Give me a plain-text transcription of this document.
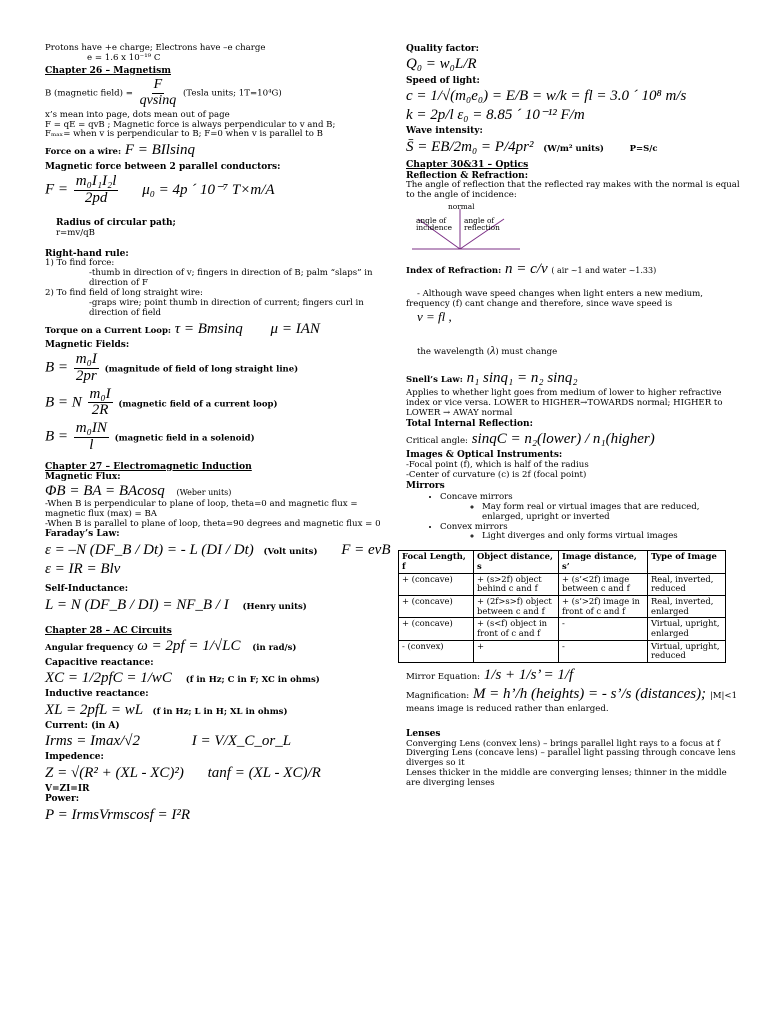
Protons have +e charge; Electrons have –e charge
e = 1.6 x 10⁻¹⁹ C
Chapter 26 – Magnetism
B (magnetic field) = $\frac{F}{qvsinq}$ (Tesla units; 1T=10⁴G)
x’s mean into page, dots mean out of page
F = qE = qvB ; Magnetic force is always perpendicular to v and B;
Fₘₐₓ= when v is perpendicular to B; F=0 when v is parallel to B
Force on a wire: F = BIlsinq
Magnetic force between 2 parallel conductors:
$F = \frac{\text{m₀I₁I₂l}}{2pd} \mu_0 = 4p$ ´ 10⁻⁷ T×m/A

Radius of circular path;
r=mv/qB

Right-hand rule:
1) To find force:
-thumb in direction of v; fingers in direction of B; palm “slaps” in direction of F
2) To find field of long straight wire:
-graps wire; point thumb in direction of current; fingers curl in direction of field
Torque on a Current Loop: τ = Bmsinq μ = IAN
Magnetic Fields:
$B = \frac{\text{m₀I}}{2pr}$ (magnitude of field of long straight line)
B = N $\frac{\text{m₀I}}{2R}$ (magnetic field of a current loop)
$B = \frac{\text{m₀IN}}{l}$ (magnetic field in a solenoid)
Chapter 27 – Electromagnetic Induction
Magnetic Flux:
ΦB = BA = BAcosq (Weber units)
-When B is perpendicular to plane of loop, theta=0 and magnetic flux = magnetic flux (max) = BA
-When B is parallel to plane of loop, theta=90 degrees and magnetic flux = 0
Faraday’s Law:
ε = –N (DF_B / Dt) = - L (DI / Dt) (Volt units) F = evB
ε = IR = Blv
Self-Inductance:
L = N (DF_B / DI) = NF_B / I (Henry units)
Chapter 28 – AC Circuits
Angular frequency ω = 2pf = 1/√LC (in rad/s)
Capacitive reactance:
XC = 1/2pfC = 1/wC (f in Hz; C in F; XC in ohms)
Inductive reactance:
XL = 2pfL = wL (f in Hz; L in H; XL in ohms)
Current: (in A)
Irms = Imax/√2	I = V/X_C_or_L
Impedence:
Z = √(R² + (XL - XC)²) tanf = (XL - XC)/R
V=ZI=IR
Power:
P = IrmsVrmscosf = I²R
Quality factor:
Q₀ = w₀L/R
Speed of light:
c = 1/√(m₀e₀) = E/B = w/k = fl = 3.0 ´ 10⁸ m/s
k = 2p/l ε₀ = 8.85 ´ 10⁻¹² F/m
Wave intensity:
S̄ = EB/2m₀ = P/4pr² (W/m² units)	P=S/c
Chapter 30&31 – Optics
Reflection & Refraction:
The angle of reflection that the reflected ray makes with the normal is equal to the angle of incidence:
normal
angle of incidence
angle of reflection
Index of Refraction: n = c/v ( air ~1 and water ~1.33)

- Although wave speed changes when light enters a new medium, frequency (f) cant change and therefore, since wave speed is
v = fl ,

the wavelength (λ) must change

Snell’s Law: n₁ sinq₁ = n₂ sinq₂
Applies to whether light goes from medium of lower to higher refractive index or vice versa. LOWER to HIGHER→TOWARDS normal; HIGHER to LOWER → AWAY normal
Total Internal Reflection:
Critical angle: sinqC = n₂(lower) / n₁(higher)
Images & Optical Instruments:
-Focal point (f), which is half of the radius
-Center of curvature (c) is 2f (focal point)
Mirrors
• Concave mirrors
◦ May form real or virtual images that are reduced, enlarged, upright or inverted
• Convex mirrors
◦ Light diverges and only forms virtual images
Focal Length, f	Object distance, s	Image distance, s’	Type of Image
+ (concave)	+ (s>2f) object behind c and f	+ (s’<2f) image between c and f	Real, inverted, reduced
+ (concave)	+ (2f>s>f) object between c and f	+ (s’>2f) image in front of c and f	Real, inverted, enlarged
+ (concave)	+ (s<f) object in front of c and f	-	Virtual, upright, enlarged
- (convex)	+	-	Virtual, upright, reduced
Mirror Equation: 1/s + 1/s’ = 1/f
Magnification: M = h’/h (heights) = - s’/s (distances); |M|<1
means image is reduced rather than enlarged.
Lenses
Converging Lens (convex lens) – brings parallel light rays to a focus at f
Diverging Lens (concave lens) – parallel light passing through concave lens diverges so it
Lenses thicker in the middle are converging lenses; thinner in the middle are diverging lenses
